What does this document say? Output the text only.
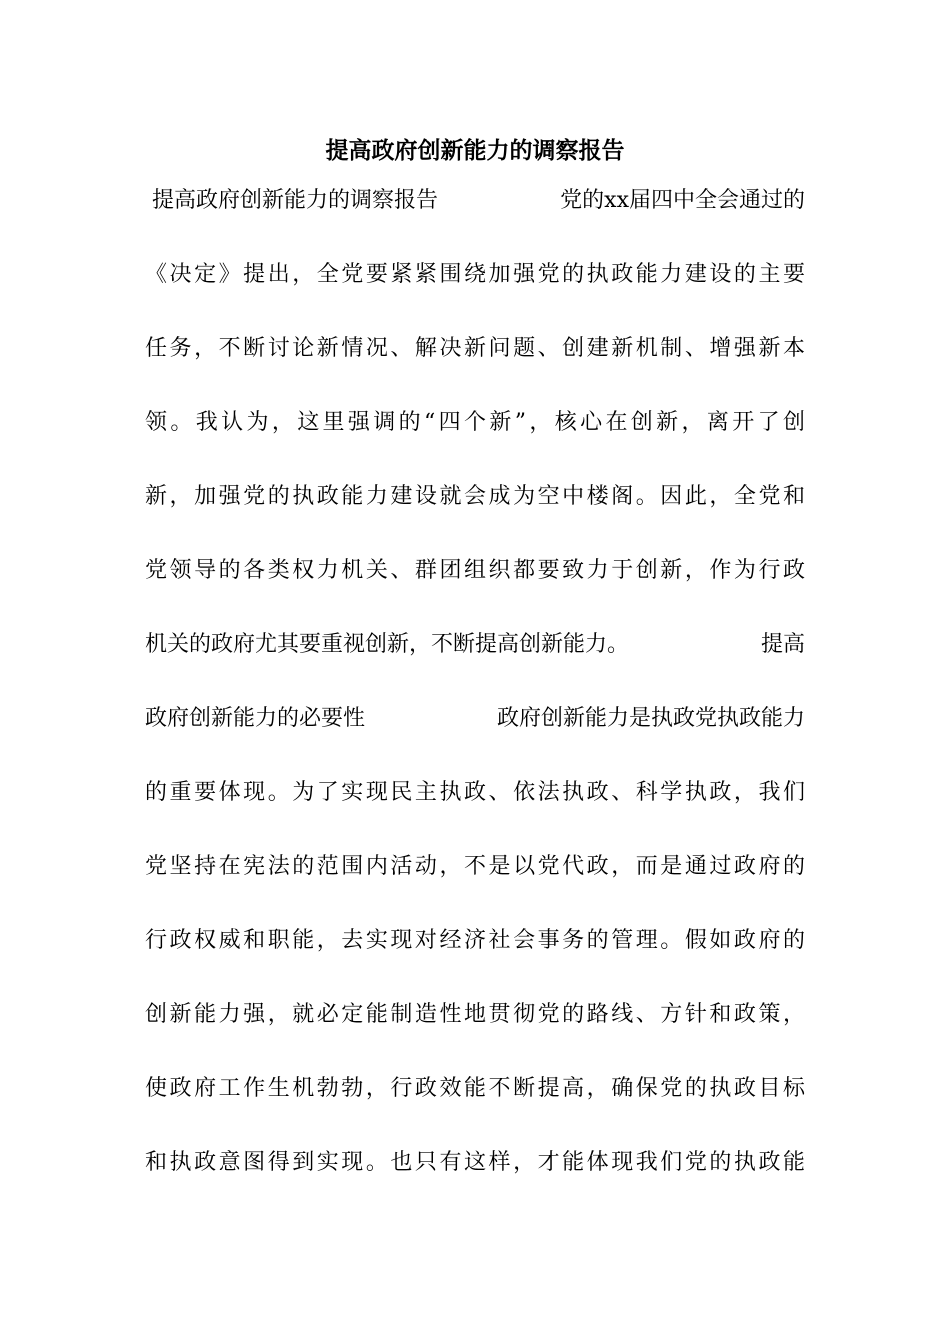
提高政府创新能力的调察报告
提高政府创新能力的调察报告	党的xx届四中全会通过的
《决定》提出，全党要紧紧围绕加强党的执政能力建设的主要
任务，不断讨论新情况、解决新问题、创建新机制、增强新本
领。我认为，这里强调的“四个新”，核心在创新，离开了创
新，加强党的执政能力建设就会成为空中楼阁。因此，全党和
党领导的各类权力机关、群团组织都要致力于创新，作为行政
机关的政府尤其要重视创新，不断提高创新能力。	提高
政府创新能力的必要性	政府创新能力是执政党执政能力
的重要体现。为了实现民主执政、依法执政、科学执政，我们
党坚持在宪法的范围内活动，不是以党代政，而是通过政府的
行政权威和职能，去实现对经济社会事务的管理。假如政府的
创新能力强，就必定能制造性地贯彻党的路线、方针和政策，
使政府工作生机勃勃，行政效能不断提高，确保党的执政目标
和执政意图得到实现。也只有这样，才能体现我们党的执政能
